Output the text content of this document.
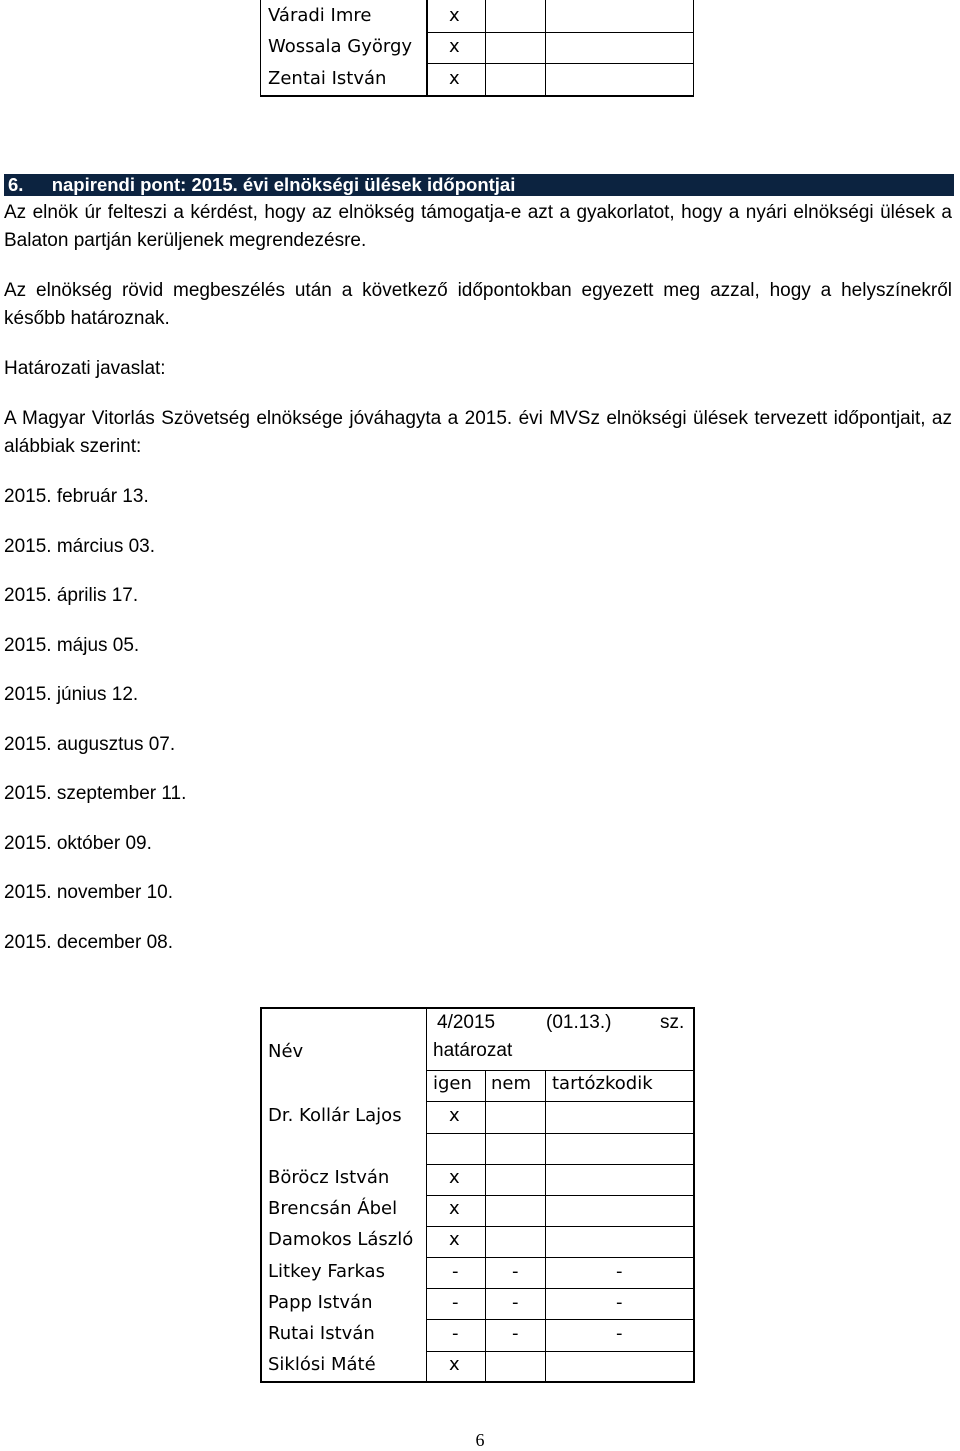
Váradi Imre	x
Wossala György x
Zentai István	x
6. napirendi pont: 2015. évi elnökségi ülések időpontjai
Az elnök úr felteszi a kérdést, hogy az elnökség támogatja-e azt a gyakorlatot, hogy a nyári elnökségi ülések a Balaton partján kerüljenek megrendezésre.
Az elnökség rövid megbeszélés után a következő időpontokban egyezett meg azzal, hogy a helyszínekről később határoznak.
Határozati javaslat:
A Magyar Vitorlás Szövetség elnöksége jóváhagyta a 2015. évi MVSz elnökségi ülések tervezett időpontjait, az alábbiak szerint:
2015. február 13.
2015. március 03.
2015. április 17.
2015. május 05.
2015. június 12.
2015. augusztus 07.
2015. szeptember 11.
2015. október 09.
2015. november 10.
2015. december 08.
Név
4/2015	(01.13.)	sz.
határozat
igen nem tartózkodik
Dr. Kollár Lajos	x
Böröcz István	x
Brencsán Ábel	x
Damokos László x
Litkey Farkas	-	-	-
Papp István	-	-	-
Rutai István	-	-	-
Siklósi Máté	x
6
